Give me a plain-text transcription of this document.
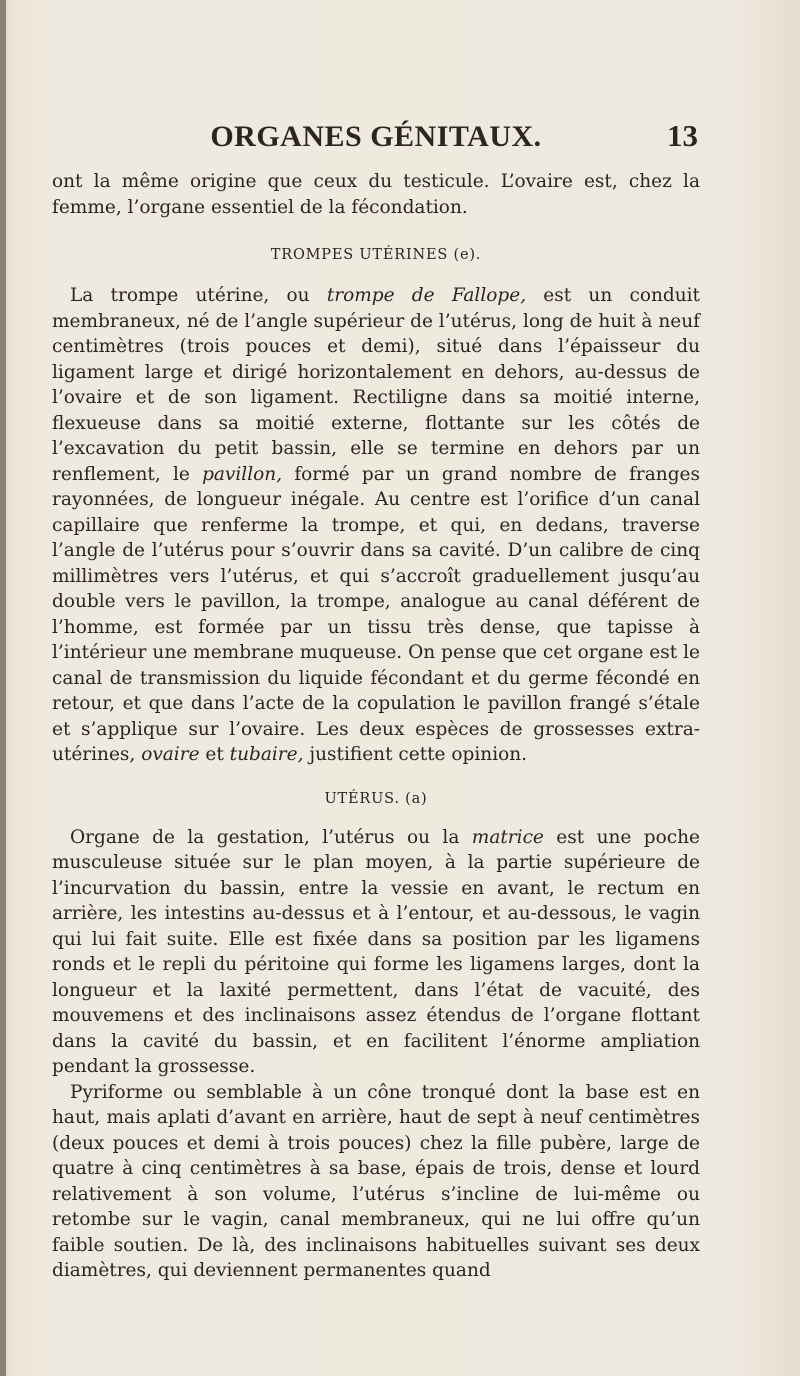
ORGANES GÉNITAUX.	13

ont la même origine que ceux du testicule. L’ovaire est, chez la femme, l’organe essentiel de la fécondation.

TROMPES UTÉRINES (e).

La trompe utérine, ou trompe de Fallope, est un conduit membraneux, né de l’angle supérieur de l’utérus, long de huit à neuf centimètres (trois pouces et demi), situé dans l’épaisseur du ligament large et dirigé horizontalement en dehors, au-dessus de l’ovaire et de son ligament. Rectiligne dans sa moitié interne, flexueuse dans sa moitié externe, flottante sur les côtés de l’excavation du petit bassin, elle se termine en dehors par un renflement, le pavillon, formé par un grand nombre de franges rayonnées, de longueur inégale. Au centre est l’orifice d’un canal capillaire que renferme la trompe, et qui, en dedans, traverse l’angle de l’utérus pour s’ouvrir dans sa cavité. D’un calibre de cinq millimètres vers l’utérus, et qui s’accroît graduellement jusqu’au double vers le pavillon, la trompe, analogue au canal déférent de l’homme, est formée par un tissu très dense, que tapisse à l’intérieur une membrane muqueuse. On pense que cet organe est le canal de transmission du liquide fécondant et du germe fécondé en retour, et que dans l’acte de la copulation le pavillon frangé s’étale et s’applique sur l’ovaire. Les deux espèces de grossesses extra-utérines, ovaire et tubaire, justifient cette opinion.

UTÉRUS. (a)

Organe de la gestation, l’utérus ou la matrice est une poche musculeuse située sur le plan moyen, à la partie supérieure de l’incurvation du bassin, entre la vessie en avant, le rectum en arrière, les intestins au-dessus et à l’entour, et au-dessous, le vagin qui lui fait suite. Elle est fixée dans sa position par les ligamens ronds et le repli du péritoine qui forme les ligamens larges, dont la longueur et la laxité permettent, dans l’état de vacuité, des mouvemens et des inclinaisons assez étendus de l’organe flottant dans la cavité du bassin, et en facilitent l’énorme ampliation pendant la grossesse.

Pyriforme ou semblable à un cône tronqué dont la base est en haut, mais aplati d’avant en arrière, haut de sept à neuf centimètres (deux pouces et demi à trois pouces) chez la fille pubère, large de quatre à cinq centimètres à sa base, épais de trois, dense et lourd relativement à son volume, l’utérus s’incline de lui-même ou retombe sur le vagin, canal membraneux, qui ne lui offre qu’un faible soutien. De là, des inclinaisons habituelles suivant ses deux diamètres, qui deviennent permanentes quand
